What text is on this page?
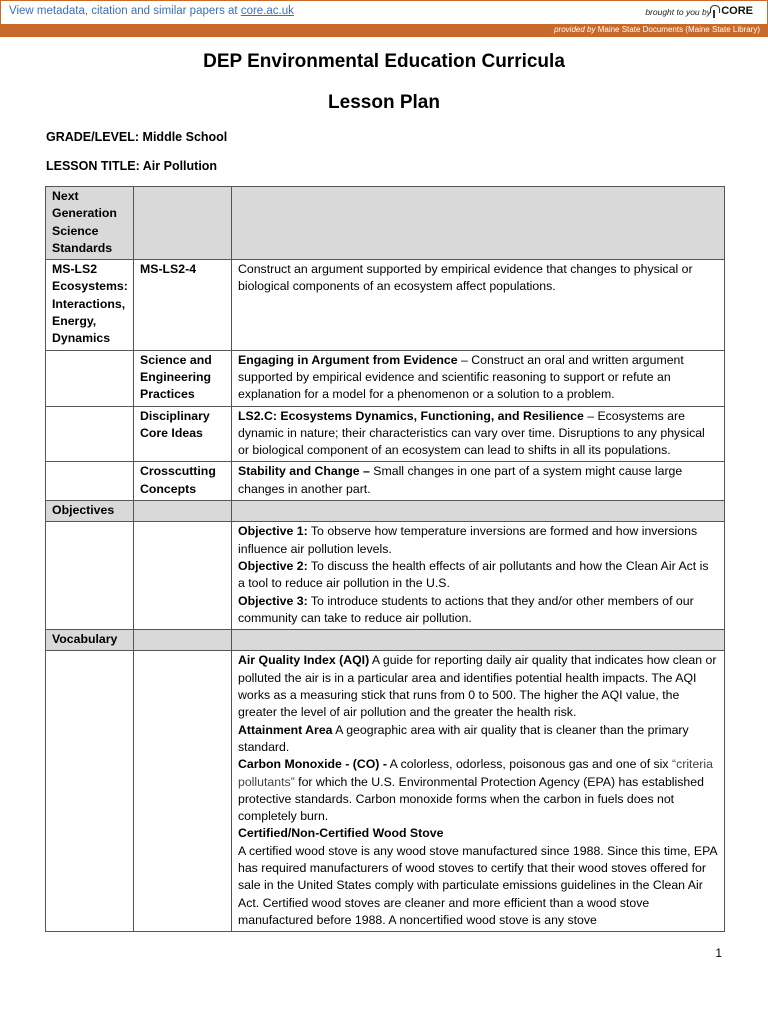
View metadata, citation and similar papers at core.ac.uk	brought to you by CORE
provided by Maine State Documents (Maine State Library)
DEP Environmental Education Curricula
Lesson Plan
GRADE/LEVEL: Middle School
LESSON TITLE: Air Pollution
Next Generation Science Standards		
MS-LS2 Ecosystems: Interactions, Energy, Dynamics	MS-LS2-4	Construct an argument supported by empirical evidence that changes to physical or biological components of an ecosystem affect populations.
	Science and Engineering Practices	Engaging in Argument from Evidence – Construct an oral and written argument supported by empirical evidence and scientific reasoning to support or refute an explanation for a model for a phenomenon or a solution to a problem.
	Disciplinary Core Ideas	LS2.C: Ecosystems Dynamics, Functioning, and Resilience – Ecosystems are dynamic in nature; their characteristics can vary over time. Disruptions to any physical or biological component of an ecosystem can lead to shifts in all its populations.
	Crosscutting Concepts	Stability and Change – Small changes in one part of a system might cause large changes in another part.
Objectives		

		Objective 1: To observe how temperature inversions are formed and how inversions influence air pollution levels.
Objective 2: To discuss the health effects of air pollutants and how the Clean Air Act is a tool to reduce air pollution in the U.S.
Objective 3: To introduce students to actions that they and/or other members of our community can take to reduce air pollution.

Vocabulary		

		Air Quality Index (AQI) A guide for reporting daily air quality that indicates how clean or polluted the air is in a particular area and identifies potential health impacts. The AQI works as a measuring stick that runs from 0 to 500. The higher the AQI value, the greater the level of air pollution and the greater the health risk.
Attainment Area A geographic area with air quality that is cleaner than the primary standard.
Carbon Monoxide - (CO) - A colorless, odorless, poisonous gas and one of six “criteria pollutants” for which the U.S. Environmental Protection Agency (EPA) has established protective standards. Carbon monoxide forms when the carbon in fuels does not completely burn.
Certified/Non-Certified Wood Stove
A certified wood stove is any wood stove manufactured since 1988. Since this time, EPA has required manufacturers of wood stoves to certify that their wood stoves offered for sale in the United States comply with particulate emissions guidelines in the Clean Air Act. Certified wood stoves are cleaner and more efficient than a wood stove manufactured before 1988. A noncertified wood stove is any stove
1
